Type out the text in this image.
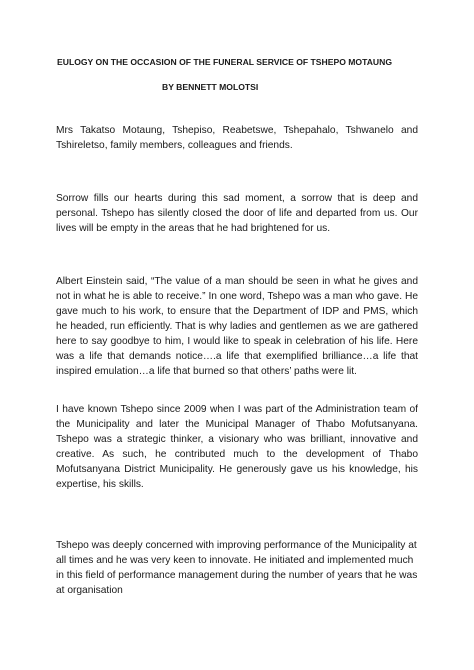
EULOGY ON THE OCCASION OF THE FUNERAL SERVICE OF TSHEPO MOTAUNG
BY BENNETT MOLOTSI

Mrs Takatso Motaung, Tshepiso, Reabetswe, Tshepahalo, Tshwanelo and Tshireletso, family members, colleagues and friends.

Sorrow fills our hearts during this sad moment, a sorrow that is deep and personal. Tshepo has silently closed the door of life and departed from us. Our lives will be empty in the areas that he had brightened for us.

Albert Einstein said, “The value of a man should be seen in what he gives and not in what he is able to receive.” In one word, Tshepo was a man who gave. He gave much to his work, to ensure that the Department of IDP and PMS, which he headed, run efficiently. That is why ladies and gentlemen as we are gathered here to say goodbye to him, I would like to speak in celebration of his life. Here was a life that demands notice….a life that exemplified brilliance…a life that inspired emulation…a life that burned so that others’ paths were lit.

I have known Tshepo since 2009 when I was part of the Administration team of the Municipality and later the Municipal Manager of Thabo Mofutsanyana. Tshepo was a strategic thinker, a visionary who was brilliant, innovative and creative. As such, he contributed much to the development of Thabo Mofutsanyana District Municipality. He generously gave us his knowledge, his expertise, his skills.

Tshepo was deeply concerned with improving performance of the Municipality at all times and he was very keen to innovate. He initiated and implemented much in this field of performance management during the number of years that he was at organisation
